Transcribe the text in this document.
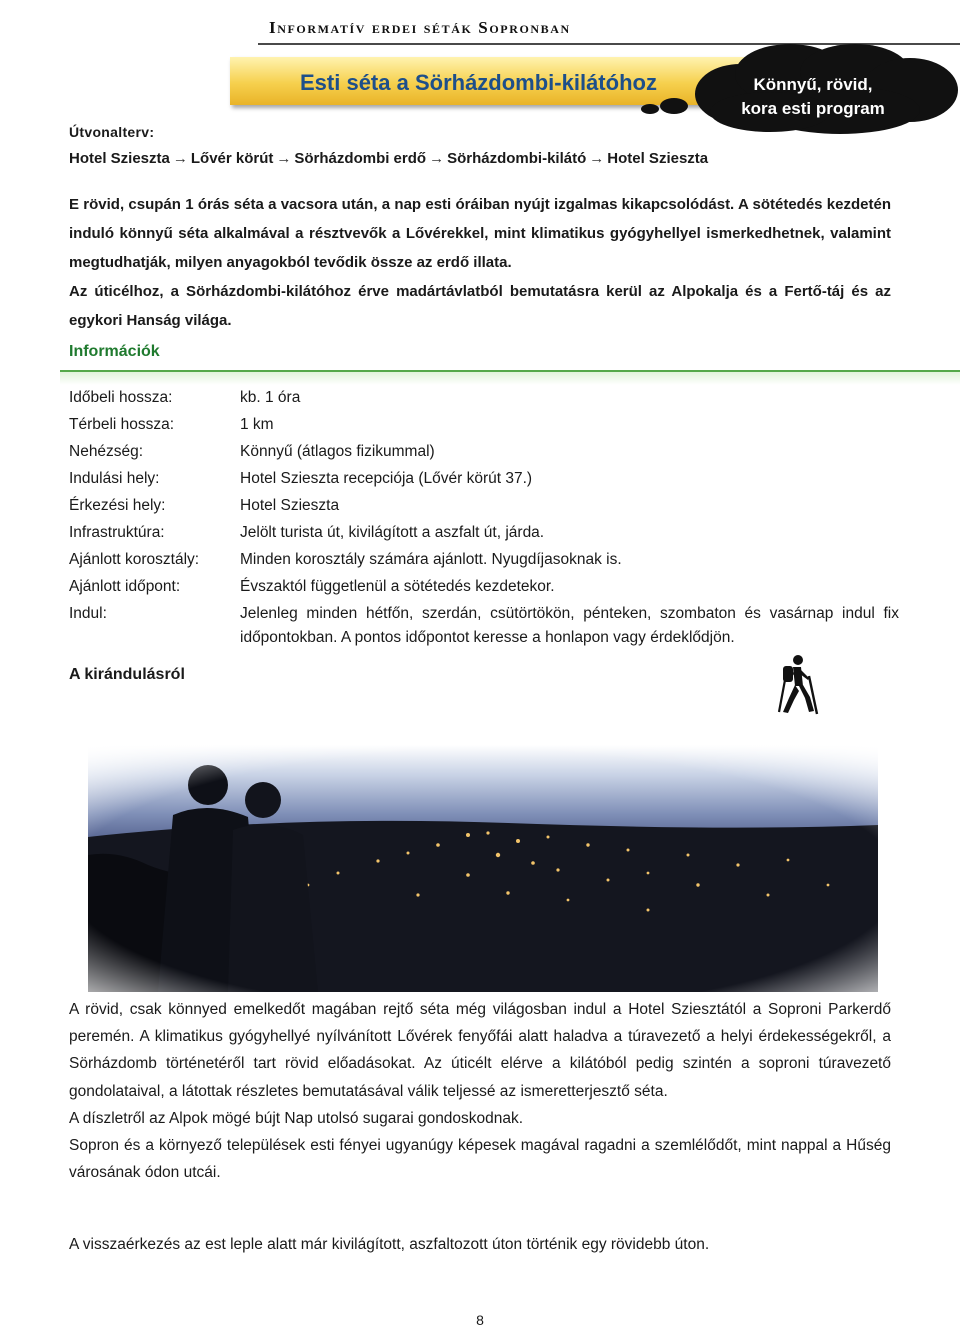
Informatív erdei séták Sopronban
Esti séta a Sörházdombi-kilátóhoz	Könnyű, rövid,
kora esti program
Útvonalterv:
Hotel Szieszta → Lővér körút → Sörházdombi erdő → Sörházdombi-kilátó → Hotel Szieszta
E rövid, csupán 1 órás séta a vacsora után, a nap esti óráiban nyújt izgalmas kikapcsolódást. A sötétedés kezdetén induló könnyű séta alkalmával a résztvevők a Lővérekkel, mint klimatikus gyógyhellyel ismerkedhetnek, valamint megtudhatják, milyen anyagokból tevődik össze az erdő illata.
Az úticélhoz, a Sörházdombi-kilátóhoz érve madártávlatból bemutatásra kerül az Alpokalja és a Fertő-táj és az egykori Hanság világa.
Információk
Időbeli hossza:	kb. 1 óra
Térbeli hossza:	1 km
Nehézség:	Könnyű (átlagos fizikummal)
Indulási hely:	Hotel Szieszta recepciója (Lővér körút 37.)
Érkezési hely:	Hotel Szieszta
Infrastruktúra:	Jelölt turista út, kivilágított a aszfalt út, járda.
Ajánlott korosztály:	Minden korosztály számára ajánlott. Nyugdíjasoknak is.
Ajánlott időpont:	Évszaktól függetlenül a sötétedés kezdetekor.
Indul:	Jelenleg minden hétfőn, szerdán, csütörtökön, pénteken, szombaton és vasárnap indul fix időpontokban. A pontos időpontot keresse a honlapon vagy érdeklődjön.
A kirándulásról

A rövid, csak könnyed emelkedőt magában rejtő séta még világosban indul a Hotel Sziesztától a Soproni Parkerdő peremén. A klimatikus gyógyhellyé nyílvánított Lővérek fenyőfái alatt haladva a túravezető a helyi érdekességekről, a Sörházdomb történetéről tart rövid előadásokat. Az úticélt elérve a kilátóból pedig szintén a soproni túravezető gondolataival, a látottak részletes bemutatásával válik teljessé az ismeretterjesztő séta.

A díszletről az Alpok mögé bújt Nap utolsó sugarai gondoskodnak.

Sopron és a környező települések esti fényei ugyanúgy képesek magával ragadni a szemlélődőt, mint nappal a Hűség városának ódon utcái.

A visszaérkezés az est leple alatt már kivilágított, aszfaltozott úton történik egy rövidebb úton.
8
